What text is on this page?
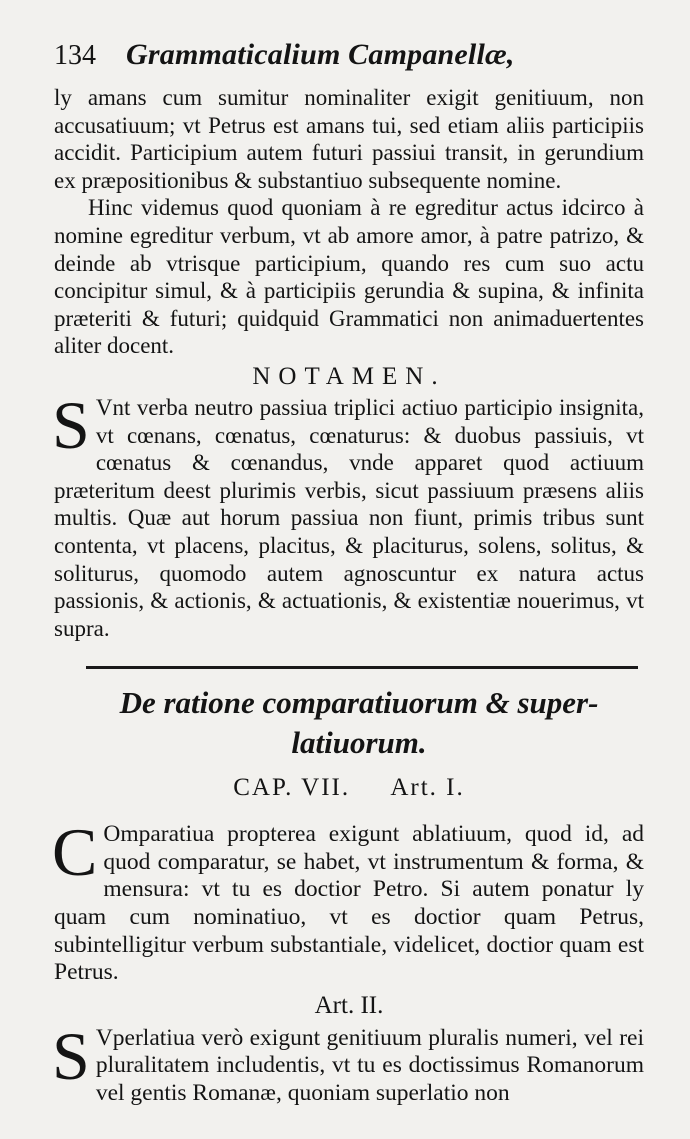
134 Grammaticalium Campanellæ,

ly amans cum sumitur nominaliter exigit genitiuum, non accusatiuum; vt Petrus est amans tui, sed etiam aliis participiis accidit. Participium autem futuri passiui transit, in gerundium ex præpositionibus & substantiuo subsequente nomine.

Hinc videmus quod quoniam à re egreditur actus idcirco à nomine egreditur verbum, vt ab amore amor, à patre patrizo, & deinde ab vtrisque participium, quando res cum suo actu concipitur simul, & à participiis gerundia & supina, & infinita præteriti & futuri; quidquid Grammatici non animaduertentes aliter docent.

NOTAMEN.

S Vnt verba neutro passiua triplici actiuo participio insignita, vt cœnans, cœnatus, cœnaturus: & duobus passiuis, vt cœnatus & cœnandus, vnde apparet quod actiuum præteritum deest plurimis verbis, sicut passiuum præsens aliis multis. Quæ aut horum passiua non fiunt, primis tribus sunt contenta, vt placens, placitus, & placiturus, solens, solitus, & soliturus, quomodo autem agnoscuntur ex natura actus passionis, & actionis, & actuationis, & existentiæ nouerimus, vt supra.

De ratione comparatiuorum & super-
latiuorum.
CAP. VII. Art. I.

C Omparatiua propterea exigunt ablatiuum, quod id, ad quod comparatur, se habet, vt instrumentum & forma, & mensura: vt tu es doctior Petro. Si autem ponatur ly quam cum nominatiuo, vt es doctior quam Petrus, subintelligitur verbum substantiale, videlicet, doctior quam est Petrus.

Art. II.

S Vperlatiua verò exigunt genitiuum pluralis numeri, vel rei pluralitatem includentis, vt tu es doctissimus Romanorum vel gentis Romanæ, quoniam superlatio non
